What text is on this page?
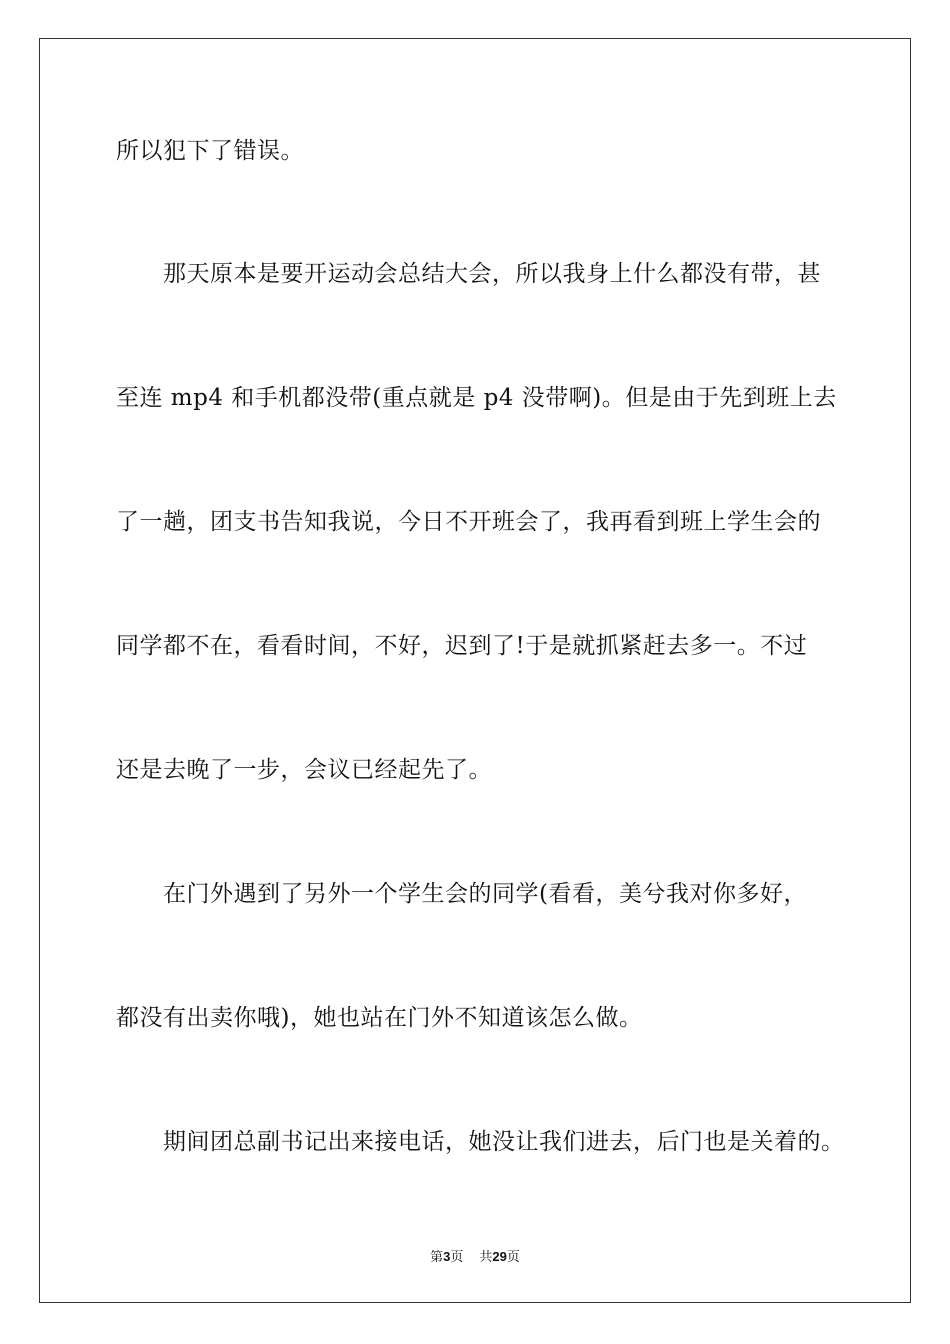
所以犯下了错误。
　　那天原本是要开运动会总结大会，所以我身上什么都没有带，甚
至连 mp4 和手机都没带(重点就是 p4 没带啊)。但是由于先到班上去
了一趟，团支书告知我说，今日不开班会了，我再看到班上学生会的
同学都不在，看看时间，不好，迟到了!于是就抓紧赶去多一。不过
还是去晚了一步，会议已经起先了。
　　在门外遇到了另外一个学生会的同学(看看，美兮我对你多好，
都没有出卖你哦)，她也站在门外不知道该怎么做。
　　期间团总副书记出来接电话，她没让我们进去，后门也是关着的。
第3页 共29页
